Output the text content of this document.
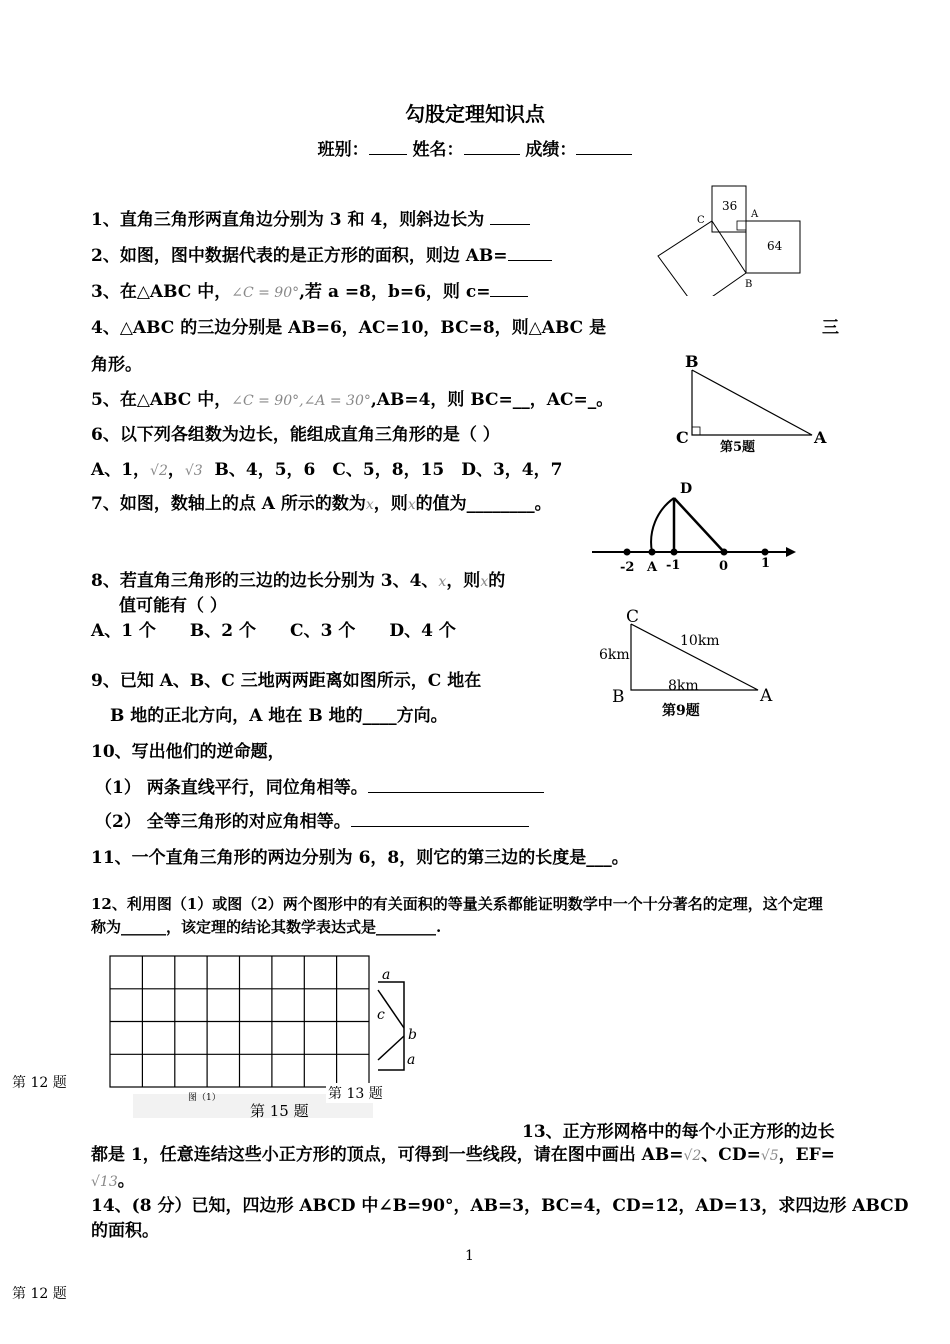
勾股定理知识点
班别：	姓名：	成绩：
1、直角三角形两直角边分别为 3 和 4，则斜边长为
2、如图，图中数据代表的是正方形的面积，则边 AB=
3、在△ABC 中，∠C = 90°,若 a =8，b=6，则 c=
4、△ABC 的三边分别是 AB=6，AC=10，BC=8，则△ABC 是	三
角形。
5、在△ABC 中，∠C = 90°,∠A = 30°,AB=4，则 BC=__，AC=_。
6、以下列各组数为边长，能组成直角三角形的是（ ）
A、1，√2，√3 B、4，5，6　C、5，8，15　D、3，4，7
7、如图，数轴上的点 A 所示的数为x，则x的值为________。
8、若直角三角形的三边的边长分别为 3、4、x，则x的
值可能有（ ）
A、1 个　　B、2 个　　C、3 个　　D、4 个
9、已知 A、B、C 三地两两距离如图所示，C 地在
B 地的正北方向，A 地在 B 地的____方向。
10、写出他们的逆命题，
（1） 两条直线平行，同位角相等。
（2） 全等三角形的对应角相等。
11、一个直角三角形的两边分别为 6，8，则它的第三边的长度是___。
12、利用图（1）或图（2）两个图形中的有关面积的等量关系都能证明数学中一个十分著名的定理，这个定理
称为______，该定理的结论其数学表达式是________.
13、正方形网格中的每个小正方形的边长
都是 1，任意连结这些小正方形的顶点，可得到一些线段，请在图中画出 AB=√2、CD=√5，EF=
√13。
14、(8 分）已知，四边形 ABCD 中∠B=90°，AB=3，BC=4，CD=12，AD=13，求四边形 ABCD
的面积。
第 12 题
第 12 题
1
36
64
C
A
B
B
C	A
第5题
D
-2 A -1	0	1
C
B	A
6km
10km
8km
第9题
a
b
c
a
图（1）
第 15 题
第 13 题
